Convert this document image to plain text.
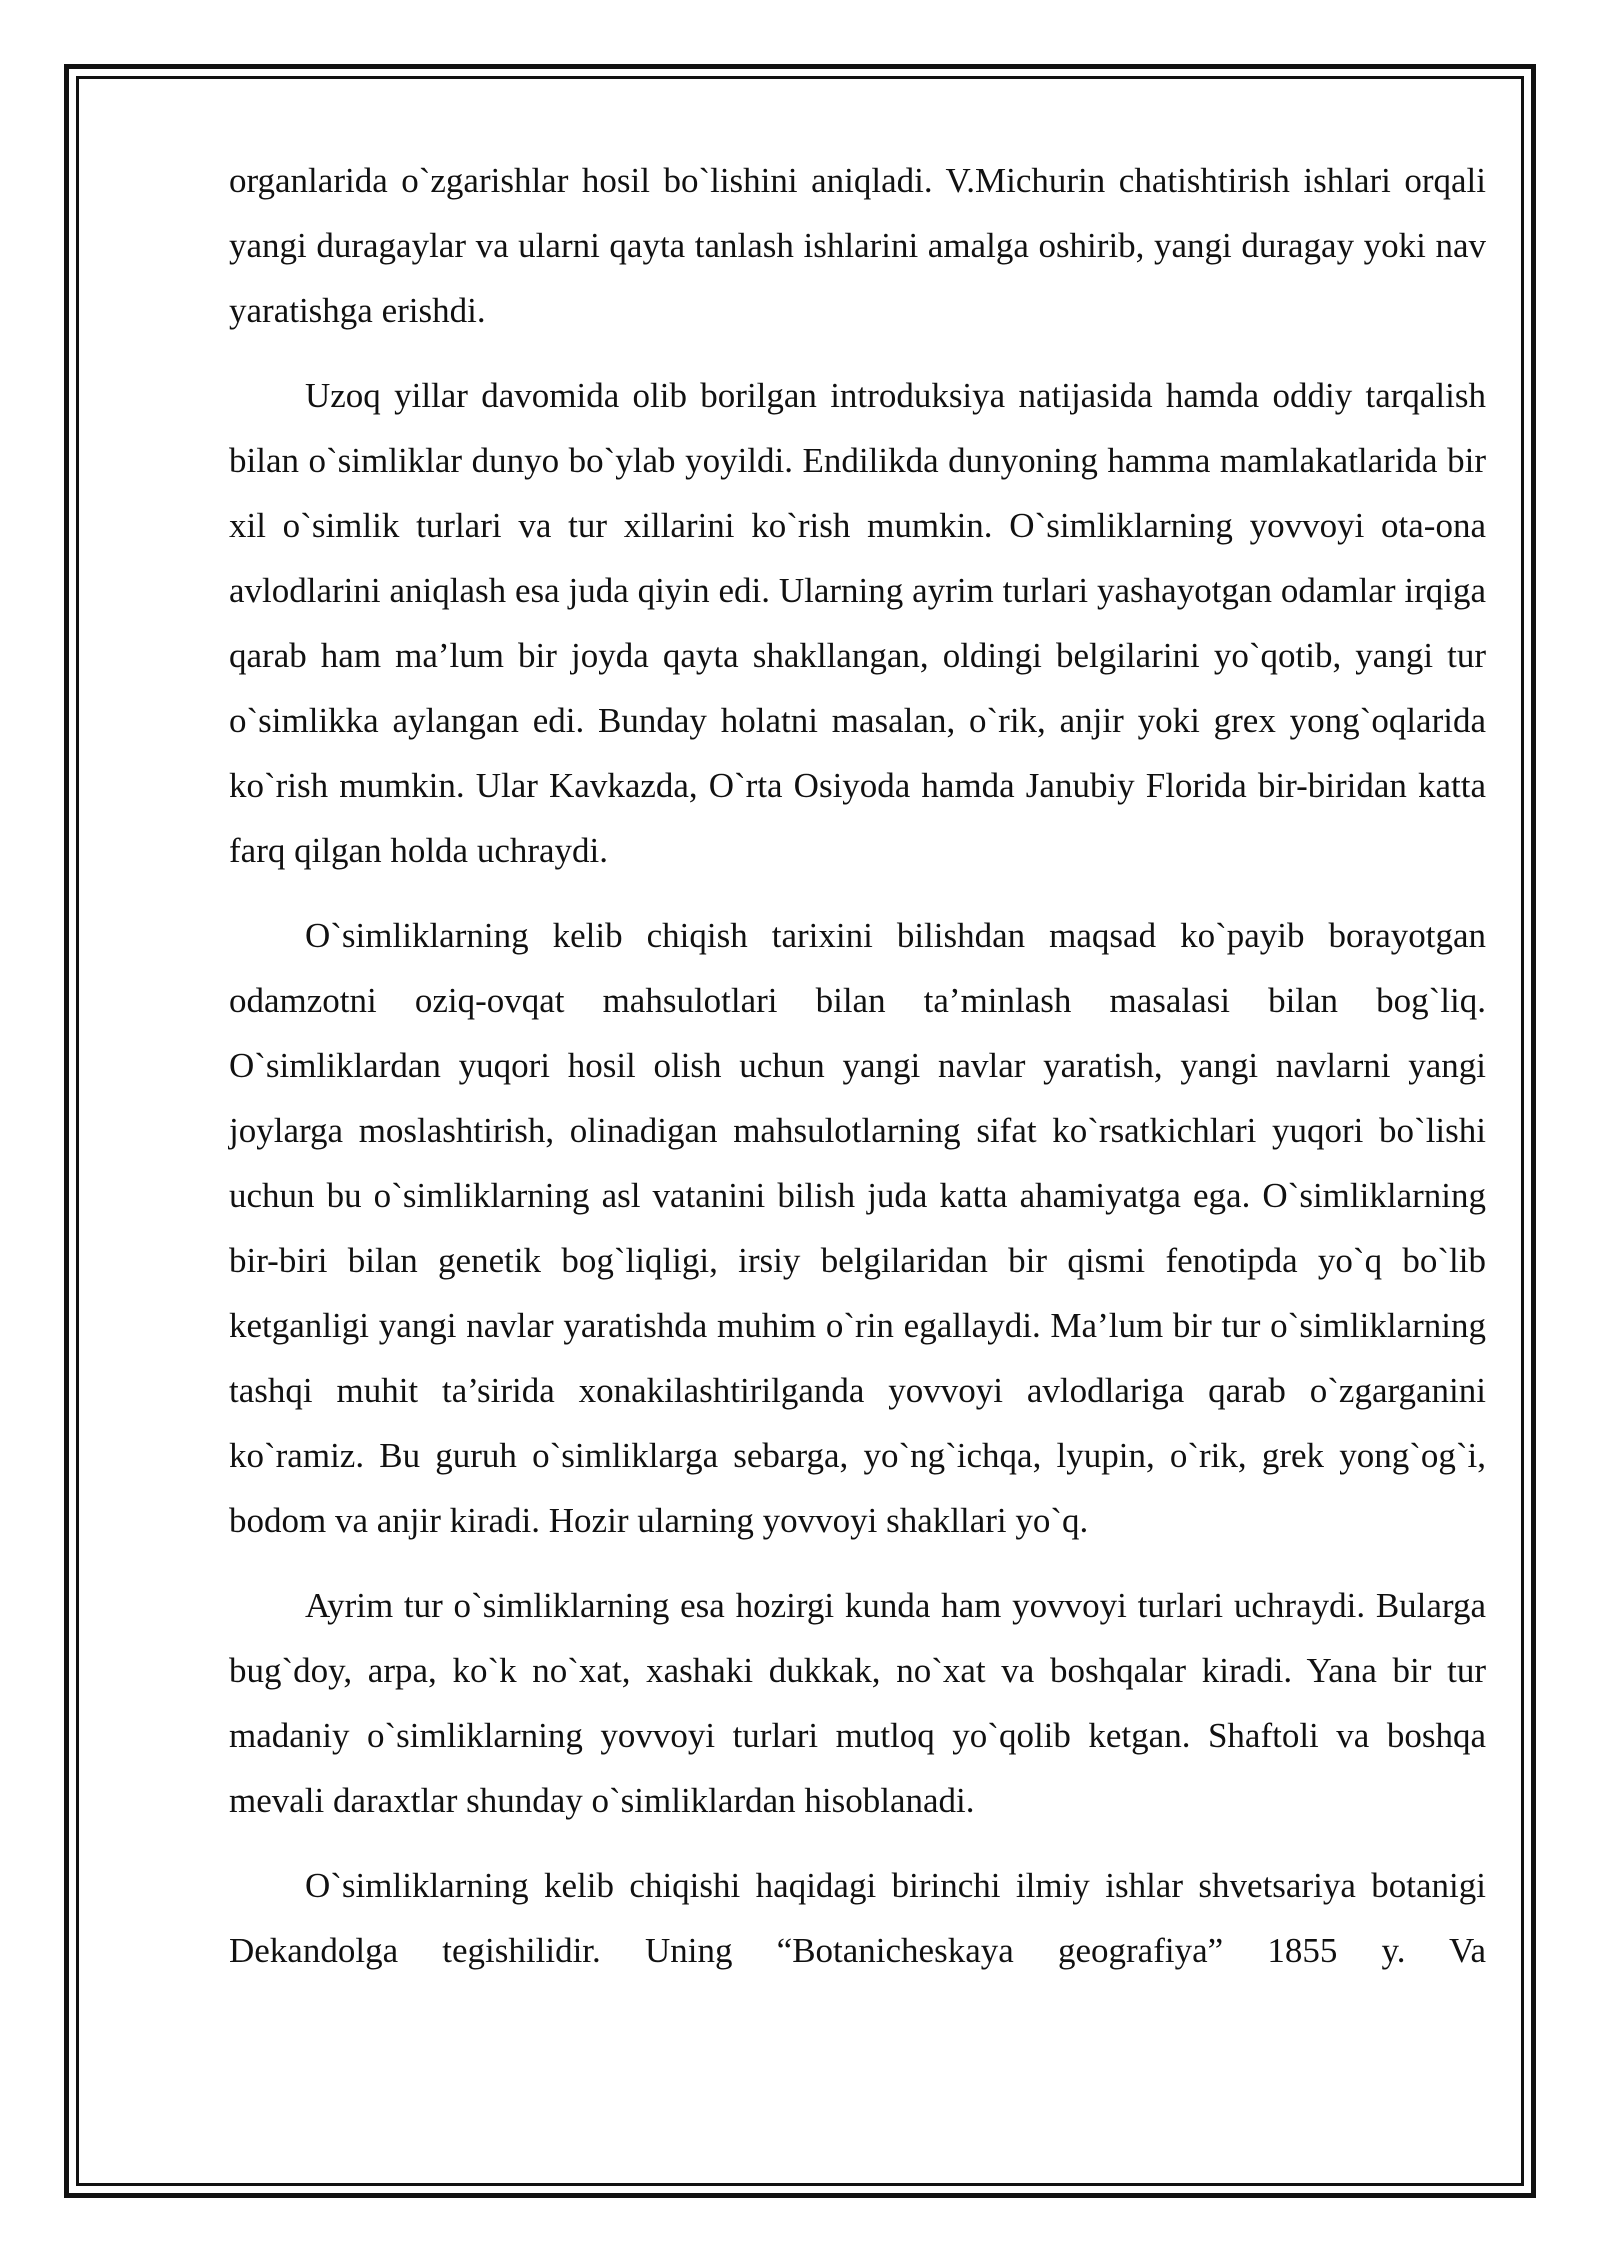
organlarida o`zgarishlar hosil bo`lishini aniqladi. V.Michurin chatishtirish ishlari orqali yangi duragaylar va ularni qayta tanlash ishlarini amalga oshirib, yangi duragay yoki nav yaratishga erishdi.

Uzoq yillar davomida olib borilgan introduksiya natijasida hamda oddiy tarqalish bilan o`simliklar dunyo bo`ylab yoyildi. Endilikda dunyoning hamma mamlakatlarida bir xil o`simlik turlari va tur xillarini ko`rish mumkin. O`simliklarning yovvoyi ota-ona avlodlarini aniqlash esa juda qiyin edi. Ularning ayrim turlari yashayotgan odamlar irqiga qarab ham ma’lum bir joyda qayta shakllangan, oldingi belgilarini yo`qotib, yangi tur o`simlikka aylangan edi. Bunday holatni masalan, o`rik, anjir yoki grex yong`oqlarida ko`rish mumkin. Ular Kavkazda, O`rta Osiyoda hamda Janubiy Florida bir-biridan katta farq qilgan holda uchraydi.

O`simliklarning kelib chiqish tarixini bilishdan maqsad ko`payib borayotgan odamzotni oziq-ovqat mahsulotlari bilan ta’minlash masalasi bilan bog`liq. O`simliklardan yuqori hosil olish uchun yangi navlar yaratish, yangi navlarni yangi joylarga moslashtirish, olinadigan mahsulotlarning sifat ko`rsatkichlari yuqori bo`lishi uchun bu o`simliklarning asl vatanini bilish juda katta ahamiyatga ega. O`simliklarning bir-biri bilan genetik bog`liqligi, irsiy belgilaridan bir qismi fenotipda yo`q bo`lib ketganligi yangi navlar yaratishda muhim o`rin egallaydi. Ma’lum bir tur o`simliklarning tashqi muhit ta’sirida xonakilashtirilganda yovvoyi avlodlariga qarab o`zgarganini ko`ramiz. Bu guruh o`simliklarga sebarga, yo`ng`ichqa, lyupin, o`rik, grek yong`og`i, bodom va anjir kiradi. Hozir ularning yovvoyi shakllari yo`q.

Ayrim tur o`simliklarning esa hozirgi kunda ham yovvoyi turlari uchraydi. Bularga bug`doy, arpa, ko`k no`xat, xashaki dukkak, no`xat va boshqalar kiradi. Yana bir tur madaniy o`simliklarning yovvoyi turlari mutloq yo`qolib ketgan. Shaftoli va boshqa mevali daraxtlar shunday o`simliklardan hisoblanadi.

O`simliklarning kelib chiqishi haqidagi birinchi ilmiy ishlar shvetsariya botanigi Dekandolga tegishilidir. Uning “Botanicheskaya geografiya” 1855 y. Va
